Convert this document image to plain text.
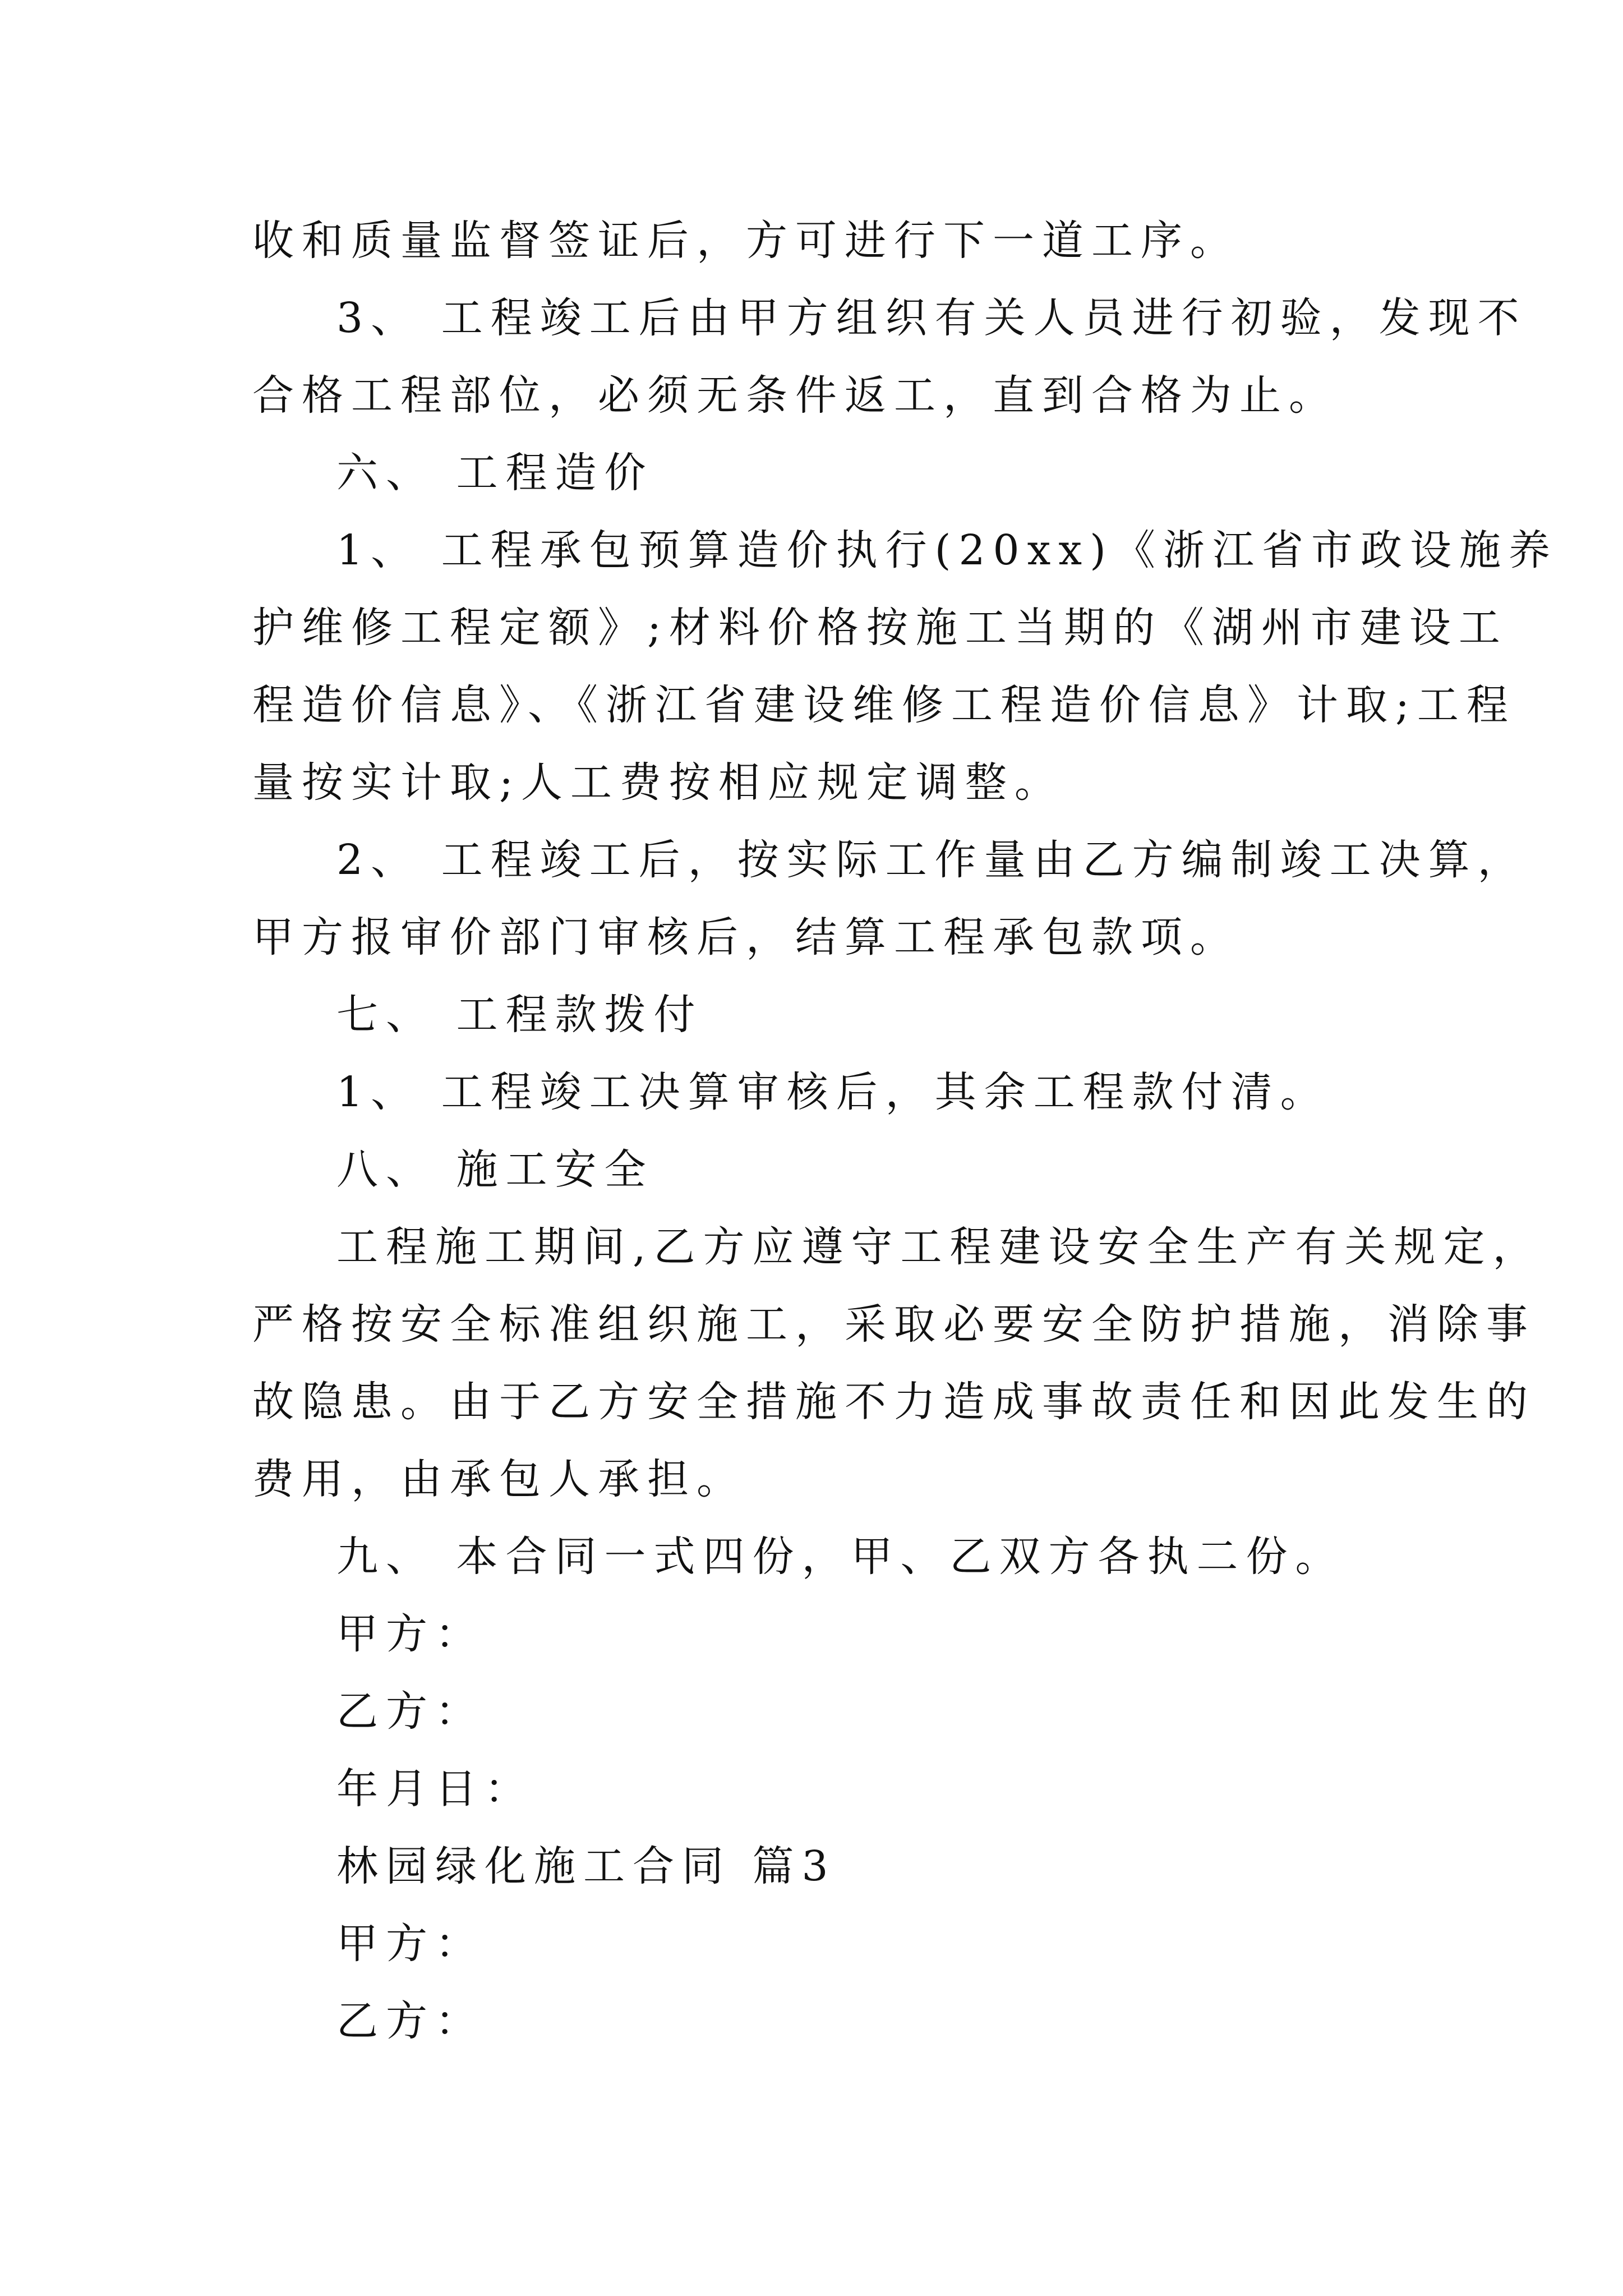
收和质量监督签证后，方可进行下一道工序。
3、 工程竣工后由甲方组织有关人员进行初验，发现不
合格工程部位，必须无条件返工，直到合格为止。
六、 工程造价
1、 工程承包预算造价执行(20xx)《浙江省市政设施养
护维修工程定额》;材料价格按施工当期的《湖州市建设工
程造价信息》、《浙江省建设维修工程造价信息》计取;工程
量按实计取;人工费按相应规定调整。
2、 工程竣工后，按实际工作量由乙方编制竣工决算，
甲方报审价部门审核后，结算工程承包款项。
七、 工程款拨付
1、 工程竣工决算审核后，其余工程款付清。
八、 施工安全
工程施工期间,乙方应遵守工程建设安全生产有关规定，
严格按安全标准组织施工，采取必要安全防护措施，消除事
故隐患。由于乙方安全措施不力造成事故责任和因此发生的
费用，由承包人承担。
九、 本合同一式四份，甲、乙双方各执二份。
甲方：
乙方：
年月日：
林园绿化施工合同 篇3
甲方：
乙方：
